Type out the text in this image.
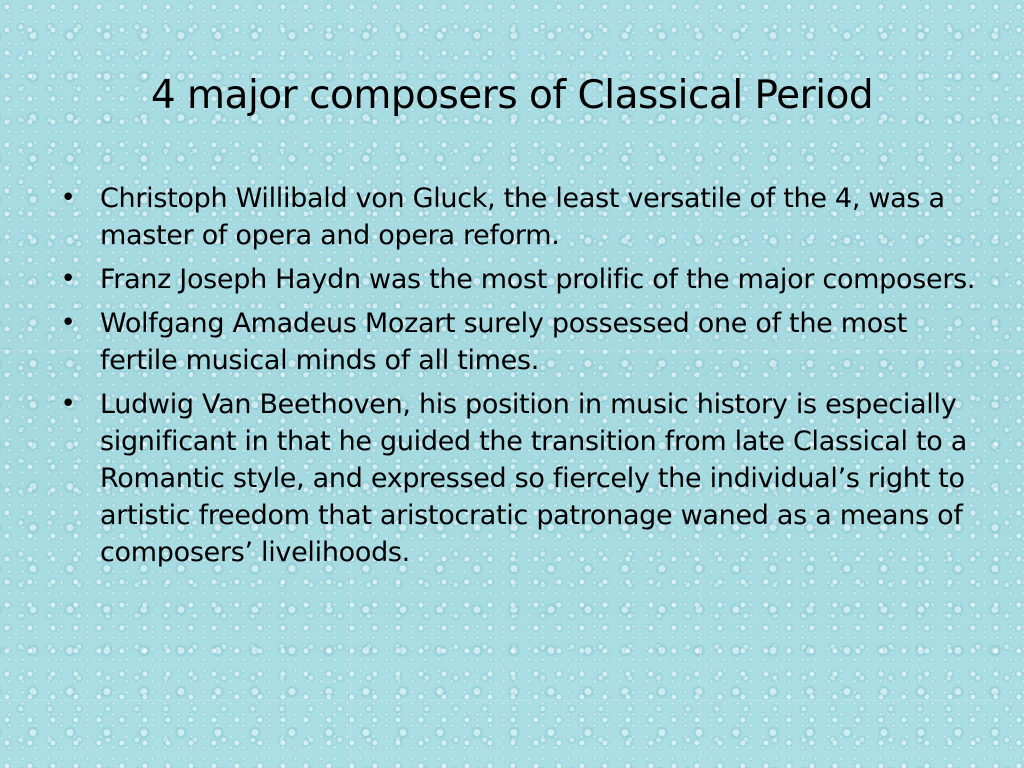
4 major composers of Classical Period
• Christoph Willibald von Gluck, the least versatile of the 4, was a master of opera and opera reform.
• Franz Joseph Haydn was the most prolific of the major composers.
• Wolfgang Amadeus Mozart surely possessed one of the most fertile musical minds of all times.
• Ludwig Van Beethoven, his position in music history is especially significant in that he guided the transition from late Classical to a Romantic style, and expressed so fiercely the individual’s right to artistic freedom that aristocratic patronage waned as a means of composers’ livelihoods.
